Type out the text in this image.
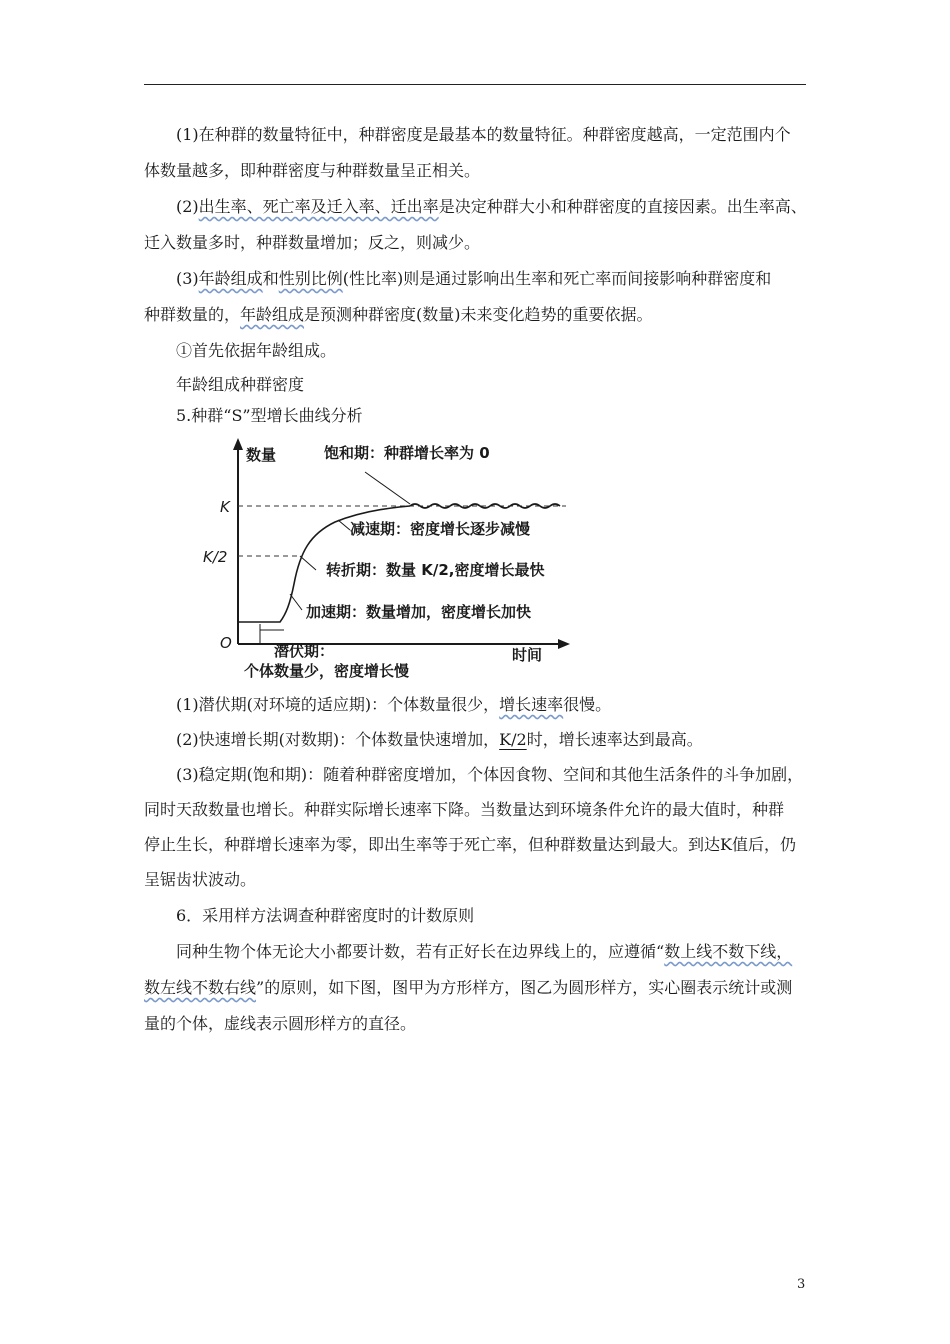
(1)在种群的数量特征中，种群密度是最基本的数量特征。种群密度越高，一定范围内个
体数量越多，即种群密度与种群数量呈正相关。
(2)出生率、死亡率及迁入率、迁出率是决定种群大小和种群密度的直接因素。出生率高、
迁入数量多时，种群数量增加；反之，则减少。
(3)年龄组成和性别比例(性比率)则是通过影响出生率和死亡率而间接影响种群密度和
种群数量的，年龄组成是预测种群密度(数量)未来变化趋势的重要依据。
①首先依据年龄组成。
年龄组成种群密度
5.种群“S”型增长曲线分析
数量
时间
O
K
K/2
饱和期：种群增长率为 0
减速期：密度增长逐步减慢
转折期：数量 K/2,密度增长最快
加速期：数量增加，密度增长加快
潜伏期：
个体数量少，密度增长慢
(1)潜伏期(对环境的适应期)：个体数量很少，增长速率很慢。
(2)快速增长期(对数期)：个体数量快速增加，K/2时，增长速率达到最高。
(3)稳定期(饱和期)：随着种群密度增加，个体因食物、空间和其他生活条件的斗争加剧，
同时天敌数量也增长。种群实际增长速率下降。当数量达到环境条件允许的最大值时，种群
停止生长，种群增长速率为零，即出生率等于死亡率，但种群数量达到最大。到达K值后，仍
呈锯齿状波动。
6．采用样方法调查种群密度时的计数原则
同种生物个体无论大小都要计数，若有正好长在边界线上的，应遵循“数上线不数下线，
数左线不数右线”的原则，如下图，图甲为方形样方，图乙为圆形样方，实心圈表示统计或测
量的个体，虚线表示圆形样方的直径。
3
